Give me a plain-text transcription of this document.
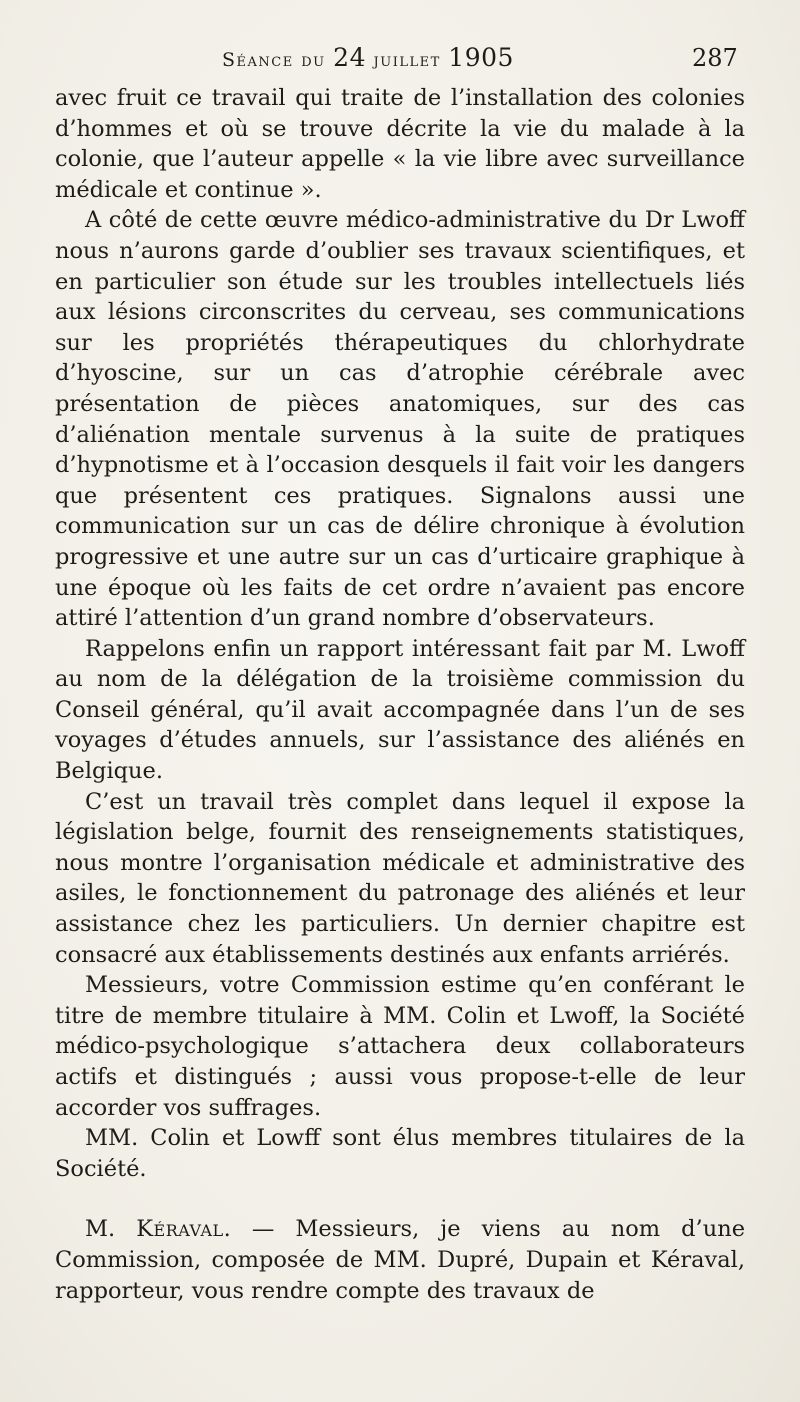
Séance du 24 juillet 1905	287

avec fruit ce travail qui traite de l’installation des colonies d’hommes et où se trouve décrite la vie du malade à la colonie, que l’auteur appelle « la vie libre avec surveillance médicale et continue ».

A côté de cette œuvre médico-administrative du Dr Lwoff nous n’aurons garde d’oublier ses travaux scientifiques, et en particulier son étude sur les troubles intellectuels liés aux lésions circonscrites du cerveau, ses communications sur les propriétés thérapeutiques du chlorhydrate d’hyoscine, sur un cas d’atrophie cérébrale avec présentation de pièces anatomiques, sur des cas d’aliénation mentale survenus à la suite de pratiques d’hypnotisme et à l’occasion desquels il fait voir les dangers que présentent ces pratiques. Signalons aussi une communication sur un cas de délire chronique à évolution progressive et une autre sur un cas d’urticaire graphique à une époque où les faits de cet ordre n’avaient pas encore attiré l’attention d’un grand nombre d’observateurs.

Rappelons enfin un rapport intéressant fait par M. Lwoff au nom de la délégation de la troisième commission du Conseil général, qu’il avait accompagnée dans l’un de ses voyages d’études annuels, sur l’assistance des aliénés en Belgique.

C’est un travail très complet dans lequel il expose la législation belge, fournit des renseignements statistiques, nous montre l’organisation médicale et administrative des asiles, le fonctionnement du patronage des aliénés et leur assistance chez les particuliers. Un dernier chapitre est consacré aux établissements destinés aux enfants arriérés.

Messieurs, votre Commission estime qu’en conférant le titre de membre titulaire à MM. Colin et Lwoff, la Société médico-psychologique s’attachera deux collaborateurs actifs et distingués ; aussi vous propose-t-elle de leur accorder vos suffrages.

MM. Colin et Lowff sont élus membres titulaires de la Société.

M. Kéraval. — Messieurs, je viens au nom d’une Commission, composée de MM. Dupré, Dupain et Kéraval, rapporteur, vous rendre compte des travaux de
